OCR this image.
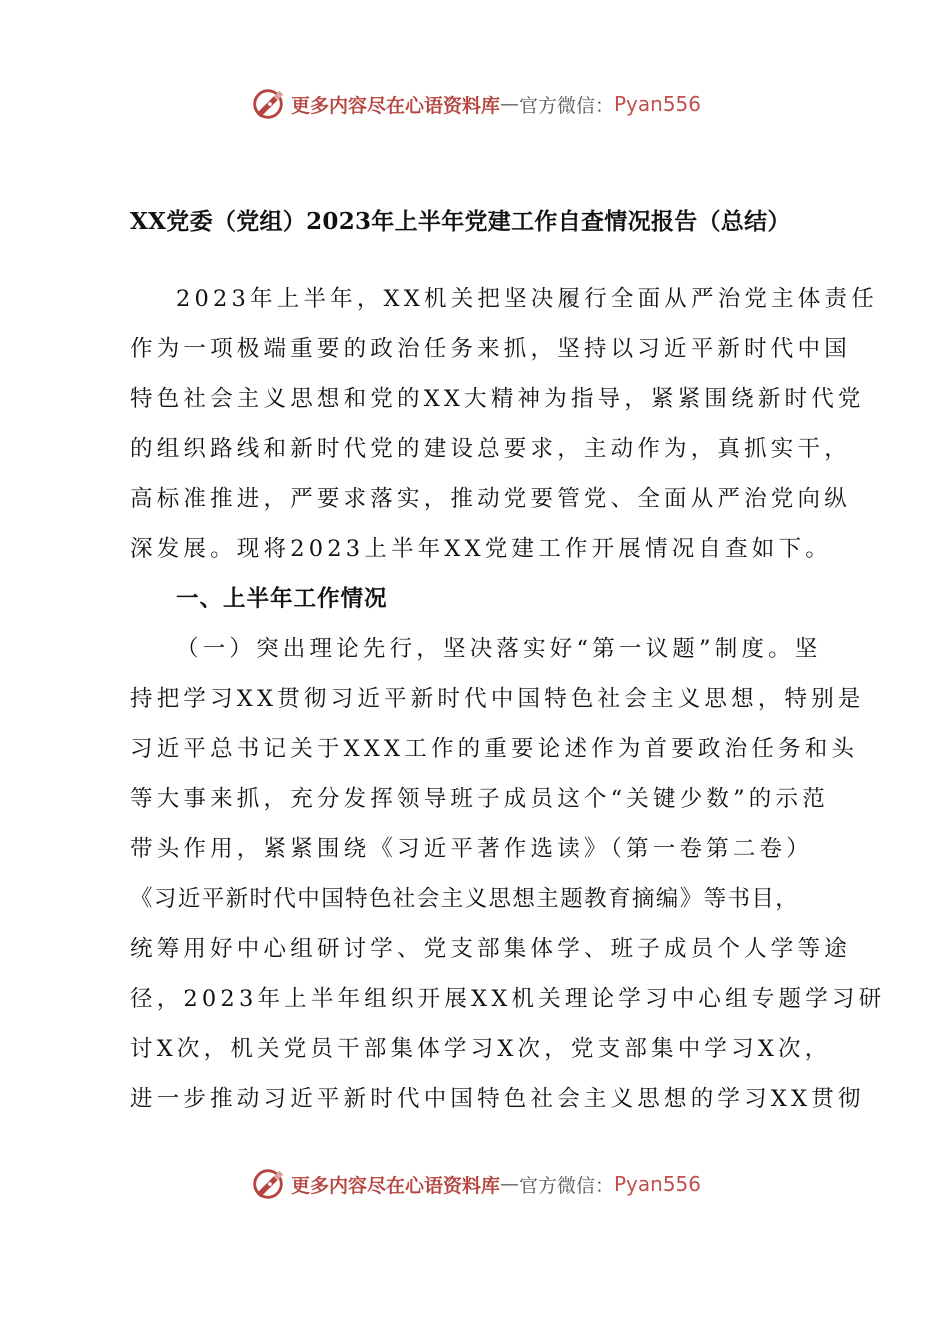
更多内容尽在心语资料库 — 官方微信： Pyan556
XX党委（党组）2023年上半年党建工作自查情况报告（总结）
2023年上半年，XX机关把坚决履行全面从严治党主体责任
作为一项极端重要的政治任务来抓，坚持以习近平新时代中国
特色社会主义思想和党的XX大精神为指导，紧紧围绕新时代党
的组织路线和新时代党的建设总要求，主动作为，真抓实干，
高标准推进，严要求落实，推动党要管党、全面从严治党向纵
深发展。现将2023上半年XX党建工作开展情况自查如下。
一、上半年工作情况
（一）突出理论先行，坚决落实好“第一议题”制度。坚
持把学习XX贯彻习近平新时代中国特色社会主义思想，特别是
习近平总书记关于XXX工作的重要论述作为首要政治任务和头
等大事来抓，充分发挥领导班子成员这个“关键少数”的示范
带头作用，紧紧围绕《习近平著作选读》（第一卷第二卷）
《习近平新时代中国特色社会主义思想主题教育摘编》等书目，
统筹用好中心组研讨学、党支部集体学、班子成员个人学等途
径，2023年上半年组织开展XX机关理论学习中心组专题学习研
讨X次，机关党员干部集体学习X次，党支部集中学习X次，
进一步推动习近平新时代中国特色社会主义思想的学习XX贯彻
更多内容尽在心语资料库 — 官方微信： Pyan556
